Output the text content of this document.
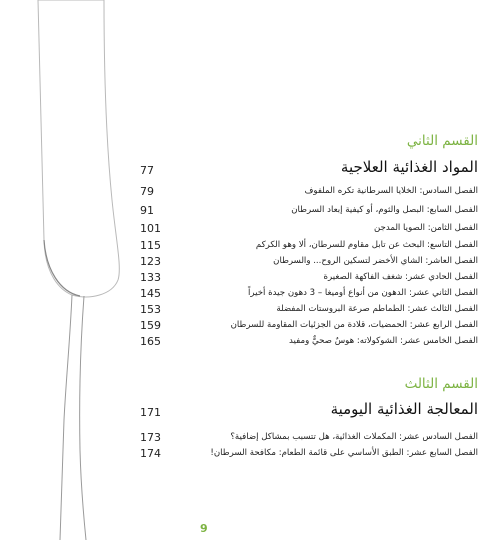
القسم الثاني
المواد الغذائية العلاجية
77
79	الفصل السادس: الخلايا السرطانية تكره الملفوف
91	الفصل السابع: البصل والثوم، أو كيفية إبعاد السرطان
101	الفصل الثامن: الصويا المدجن
115	الفصل التاسع: البحث عن تابل مقاوم للسرطان، ألا وهو الكركم
123	الفصل العاشر: الشاي الأخضر لتسكين الروح... والسرطان
133	الفصل الحادي عشر: شغف الفاكهة الصغيرة
145	الفصل الثاني عشر: الدهون من أنواع أوميغا – 3 دهون جيدة أخيراً
153	الفصل الثالث عشر: الطماطم صرعة البروستات المفضلة
159	الفصل الرابع عشر: الحمضيات، قلادة من الجزئيات المقاومة للسرطان
165	الفصل الخامس عشر: الشوكولاته: هوسٌ صحيٌّ ومفيد
القسم الثالث
المعالجة الغذائية اليومية
171
173	الفصل السادس عشر: المكملات الغذائية، هل تتسبب بمشاكل إضافية؟
174	الفصل السابع عشر: الطبق الأساسي على قائمة الطعام: مكافحة السرطان!
9
